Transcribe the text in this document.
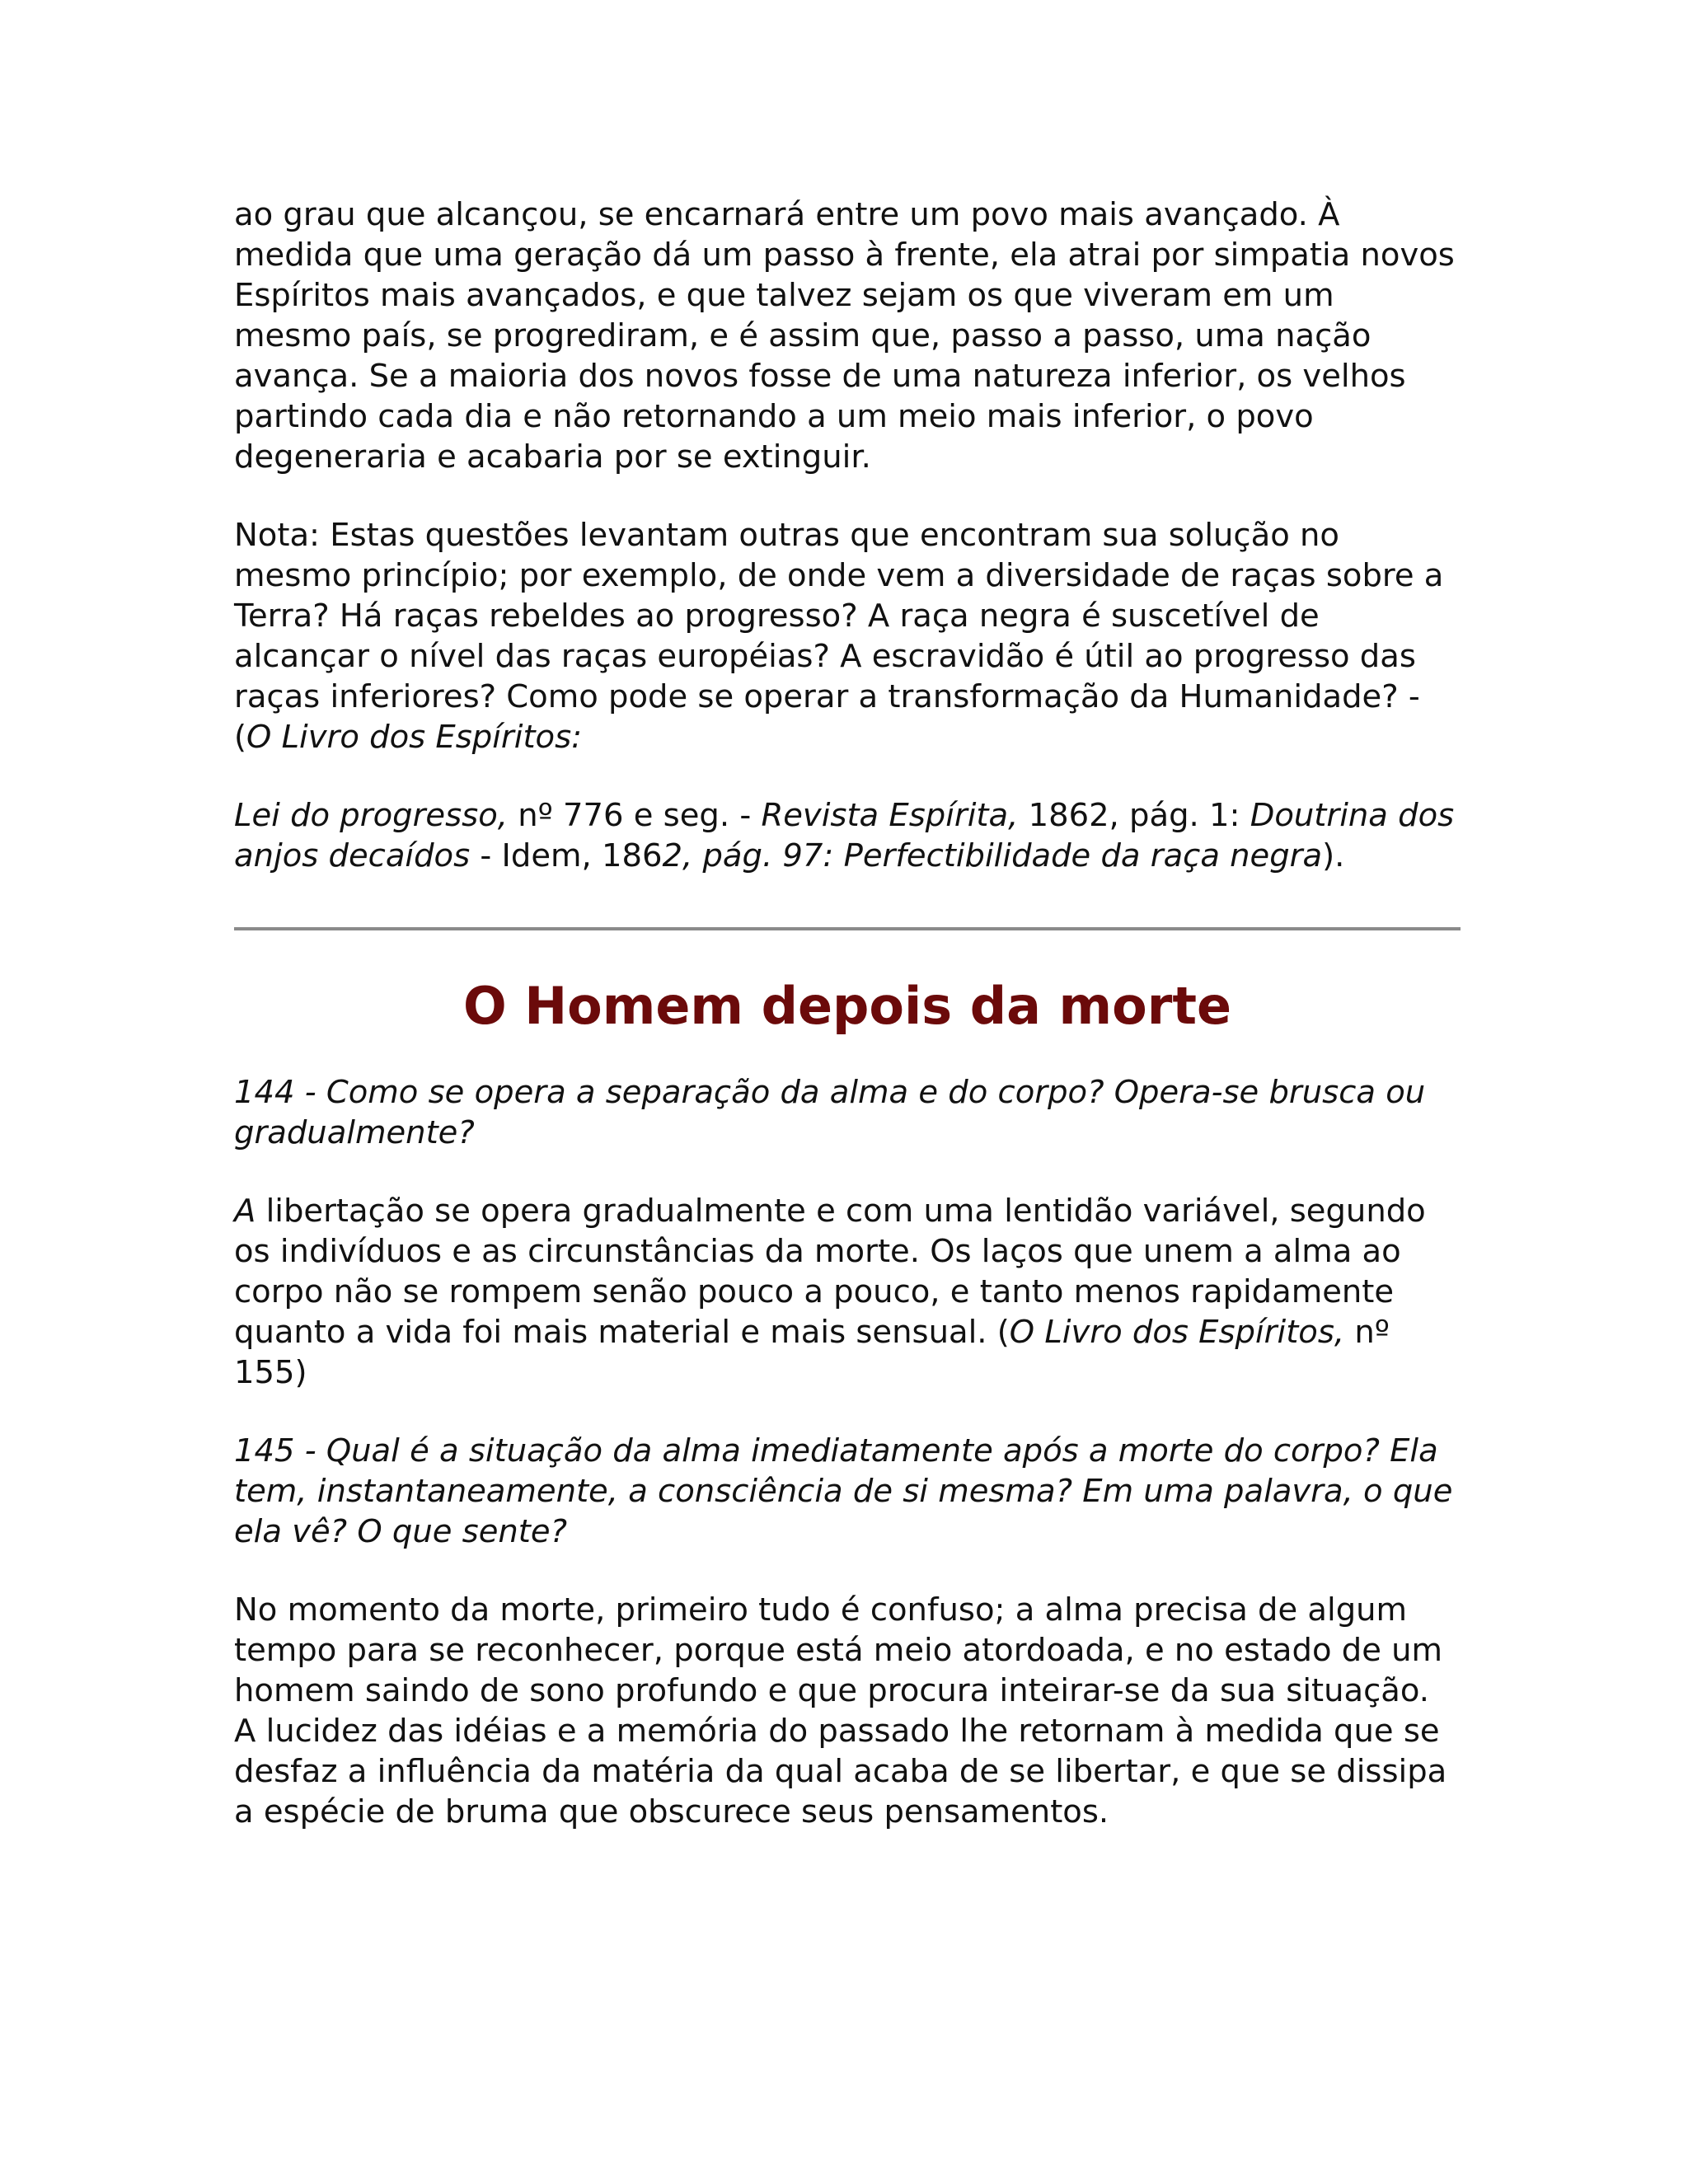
ao grau que alcançou, se encarnará entre um povo mais avançado. À medida que uma geração dá um passo à frente, ela atrai por simpatia novos Espíritos mais avançados, e que talvez sejam os que viveram em um mesmo país, se progrediram, e é assim que, passo a passo, uma nação avança. Se a maioria dos novos fosse de uma natureza inferior, os velhos partindo cada dia e não retornando a um meio mais inferior, o povo degeneraria e acabaria por se extinguir.

Nota: Estas questões levantam outras que encontram sua solução no mesmo princípio; por exemplo, de onde vem a diversidade de raças sobre a Terra? Há raças rebeldes ao progresso? A raça negra é suscetível de alcançar o nível das raças européias? A escravidão é útil ao progresso das raças inferiores? Como pode se operar a transformação da Humanidade? - (O Livro dos Espíritos:

Lei do progresso, nº 776 e seg. - Revista Espírita, 1862, pág. 1: Doutrina dos anjos decaídos - Idem, 1862, pág. 97: Perfectibilidade da raça negra).

O Homem depois da morte

144 - Como se opera a separação da alma e do corpo? Opera-se brusca ou gradualmente?

A libertação se opera gradualmente e com uma lentidão variável, segundo os indivíduos e as circunstâncias da morte. Os laços que unem a alma ao corpo não se rompem senão pouco a pouco, e tanto menos rapidamente quanto a vida foi mais material e mais sensual. (O Livro dos Espíritos, nº 155)

145 - Qual é a situação da alma imediatamente após a morte do corpo? Ela tem, instantaneamente, a consciência de si mesma? Em uma palavra, o que ela vê? O que sente?

No momento da morte, primeiro tudo é confuso; a alma precisa de algum tempo para se reconhecer, porque está meio atordoada, e no estado de um homem saindo de sono profundo e que procura inteirar-se da sua situação. A lucidez das idéias e a memória do passado lhe retornam à medida que se desfaz a influência da matéria da qual acaba de se libertar, e que se dissipa a espécie de bruma que obscurece seus pensamentos.
